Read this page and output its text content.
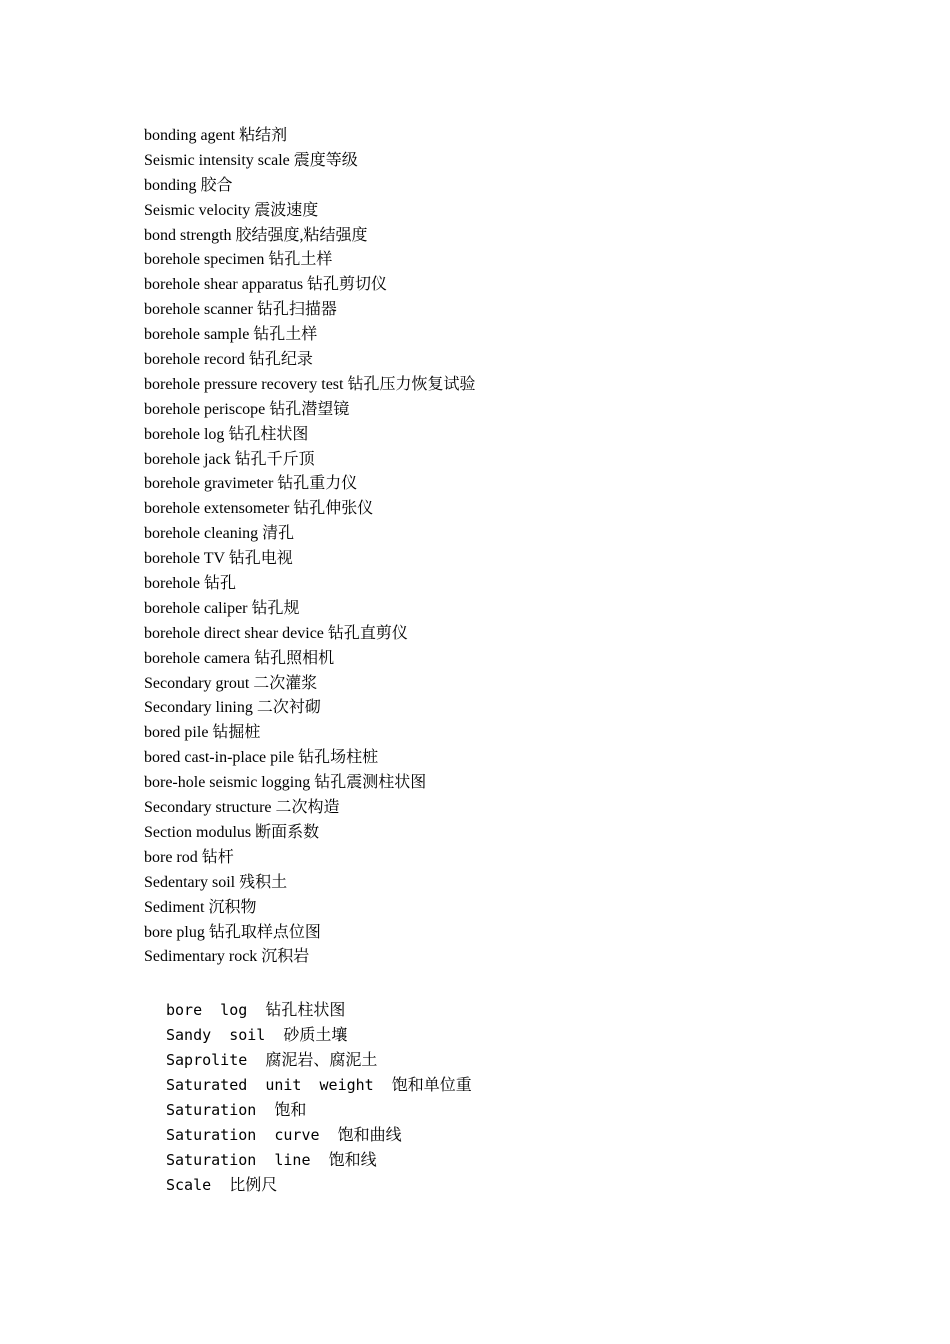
bonding agent 粘结剂
Seismic intensity scale 震度等级
bonding 胶合
Seismic velocity 震波速度
bond strength 胶结强度,粘结强度
borehole specimen 钻孔土样
borehole shear apparatus 钻孔剪切仪
borehole scanner 钻孔扫描器
borehole sample 钻孔土样
borehole record 钻孔纪录
borehole pressure recovery test 钻孔压力恢复试验
borehole periscope 钻孔潜望镜
borehole log 钻孔柱状图
borehole jack 钻孔千斤顶
borehole gravimeter 钻孔重力仪
borehole extensometer 钻孔伸张仪
borehole cleaning 清孔
borehole TV 钻孔电视
borehole 钻孔
borehole caliper 钻孔规
borehole direct shear device 钻孔直剪仪
borehole camera 钻孔照相机
Secondary grout 二次灌浆
Secondary lining 二次衬砌
bored pile 钻掘桩
bored cast-in-place pile 钻孔场柱桩
bore-hole seismic logging 钻孔震测柱状图
Secondary structure 二次构造
Section modulus 断面系数
bore rod 钻杆
Sedentary soil 残积土
Sediment 沉积物
bore plug 钻孔取样点位图
Sedimentary rock 沉积岩
bore  log 钻孔柱状图
Sandy  soil 砂质土壤
Saprolite 腐泥岩、腐泥土
Saturated  unit  weight 饱和单位重
Saturation 饱和
Saturation  curve 饱和曲线
Saturation  line 饱和线
Scale 比例尺
